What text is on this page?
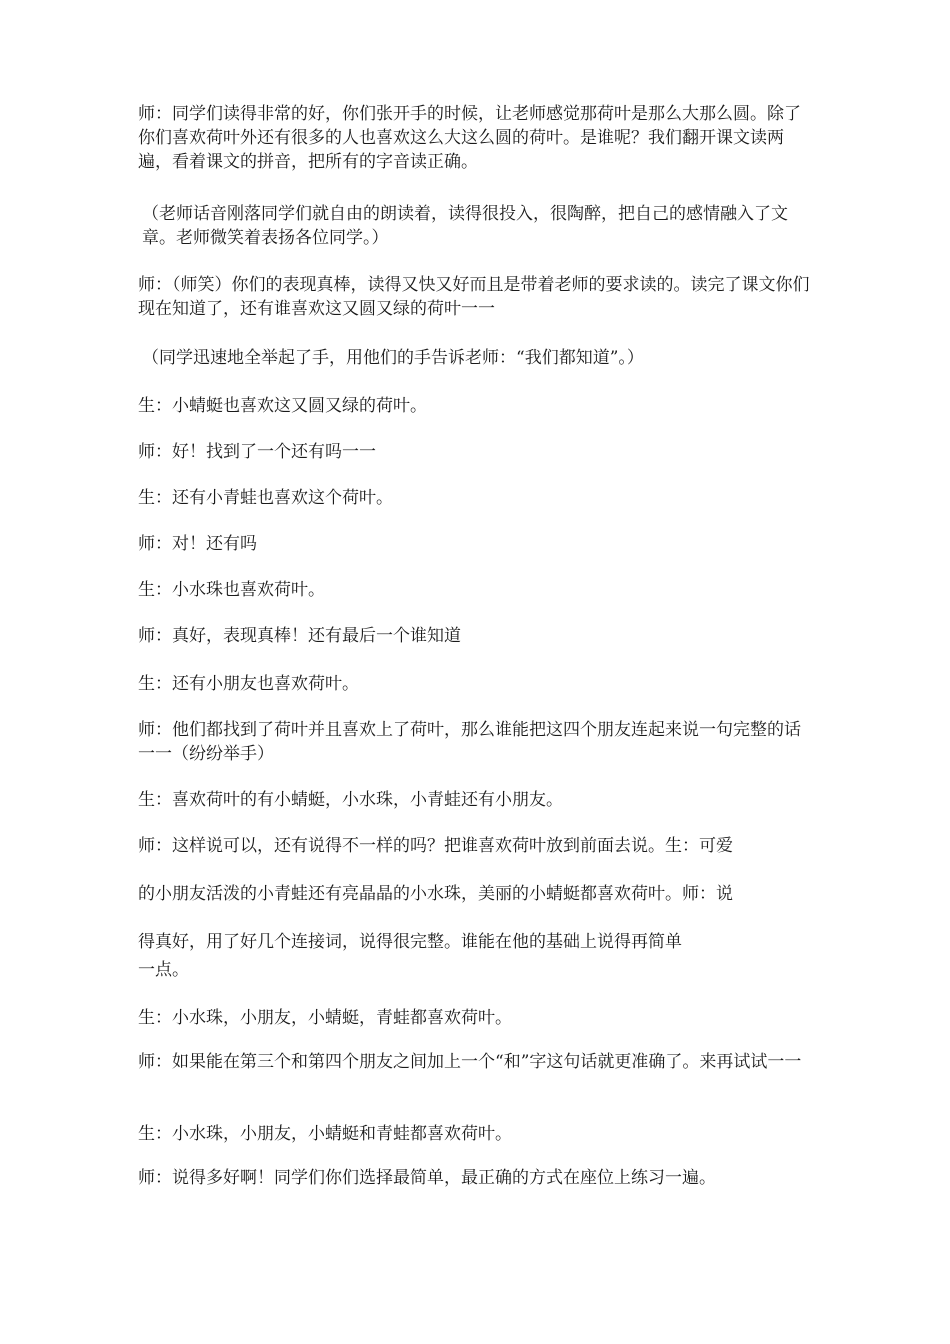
师：同学们读得非常的好，你们张开手的时候，让老师感觉那荷叶是那么大那么圆。除了你们喜欢荷叶外还有很多的人也喜欢这么大这么圆的荷叶。是谁呢？我们翻开课文读两遍，看着课文的拼音，把所有的字音读正确。

（老师话音刚落同学们就自由的朗读着，读得很投入，很陶醉，把自己的感情融入了文章。老师微笑着表扬各位同学。）

师：（师笑）你们的表现真棒，读得又快又好而且是带着老师的要求读的。读完了课文你们现在知道了，还有谁喜欢这又圆又绿的荷叶一一

（同学迅速地全举起了手，用他们的手告诉老师：“我们都知道”。）

生：小蜻蜓也喜欢这又圆又绿的荷叶。

师：好！找到了一个还有吗一一

生：还有小青蛙也喜欢这个荷叶。

师：对！还有吗

生：小水珠也喜欢荷叶。

师：真好，表现真棒！还有最后一个谁知道

生：还有小朋友也喜欢荷叶。

师：他们都找到了荷叶并且喜欢上了荷叶，那么谁能把这四个朋友连起来说一句完整的话一一（纷纷举手）

生：喜欢荷叶的有小蜻蜓，小水珠，小青蛙还有小朋友。

师：这样说可以，还有说得不一样的吗？把谁喜欢荷叶放到前面去说。生：可爱

的小朋友活泼的小青蛙还有亮晶晶的小水珠，美丽的小蜻蜓都喜欢荷叶。师：说

得真好，用了好几个连接词，说得很完整。谁能在他的基础上说得再简单

一点。

生：小水珠，小朋友，小蜻蜓，青蛙都喜欢荷叶。

师：如果能在第三个和第四个朋友之间加上一个“和”字这句话就更准确了。来再试试一一

生：小水珠，小朋友，小蜻蜓和青蛙都喜欢荷叶。

师：说得多好啊！同学们你们选择最简单，最正确的方式在座位上练习一遍。
